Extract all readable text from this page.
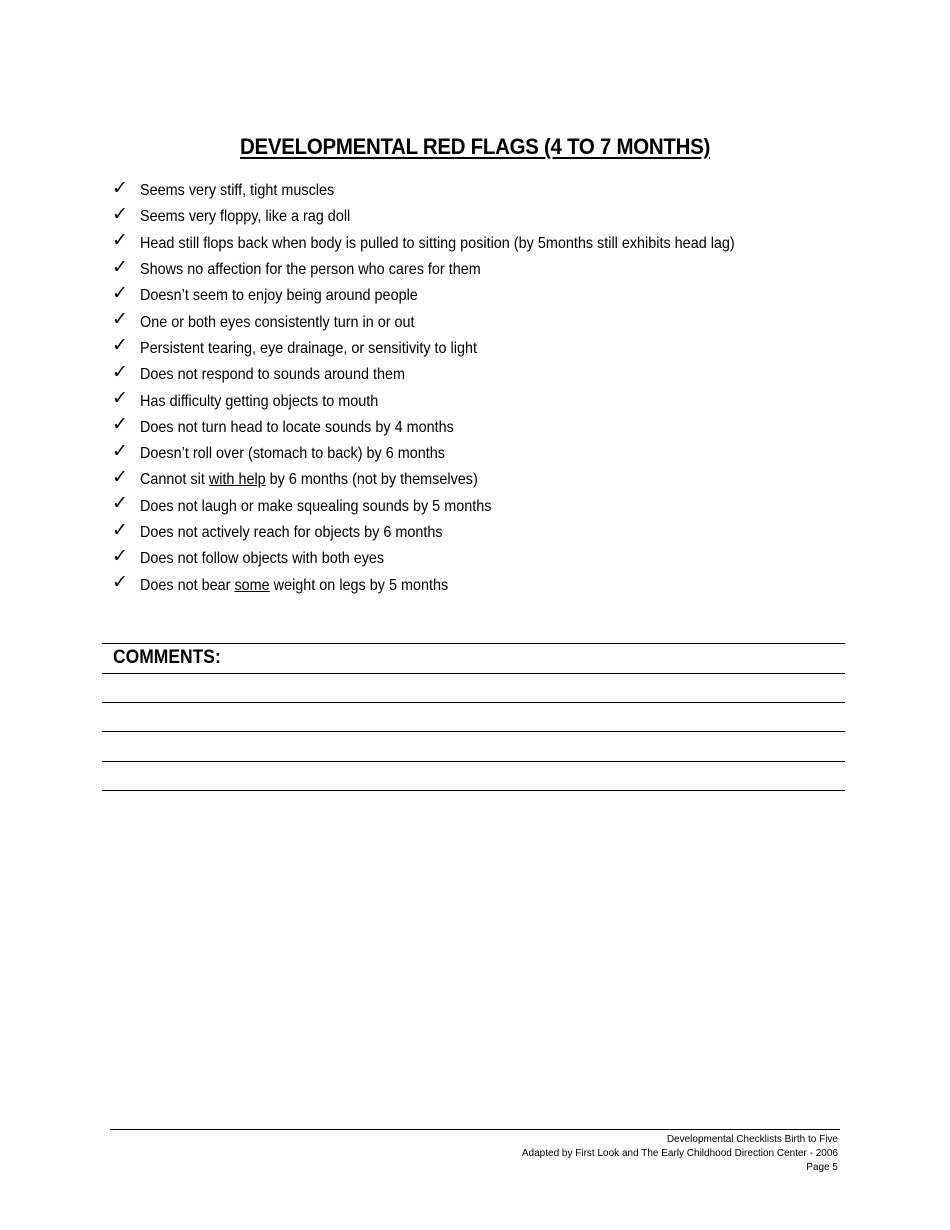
DEVELOPMENTAL RED FLAGS (4 TO 7 MONTHS)
✓ Seems very stiff, tight muscles
✓ Seems very floppy, like a rag doll
✓ Head still flops back when body is pulled to sitting position (by 5months still exhibits head lag)
✓ Shows no affection for the person who cares for them
✓ Doesn’t seem to enjoy being around people
✓ One or both eyes consistently turn in or out
✓ Persistent tearing, eye drainage, or sensitivity to light
✓ Does not respond to sounds around them
✓ Has difficulty getting objects to mouth
✓ Does not turn head to locate sounds by 4 months
✓ Doesn’t roll over (stomach to back) by 6 months
✓ Cannot sit with help by 6 months (not by themselves)
✓ Does not laugh or make squealing sounds by 5 months
✓ Does not actively reach for objects by 6 months
✓ Does not follow objects with both eyes
✓ Does not bear some weight on legs by 5 months
COMMENTS:
Developmental Checklists Birth to Five
Adapted by First Look and The Early Childhood Direction Center - 2006
Page 5
